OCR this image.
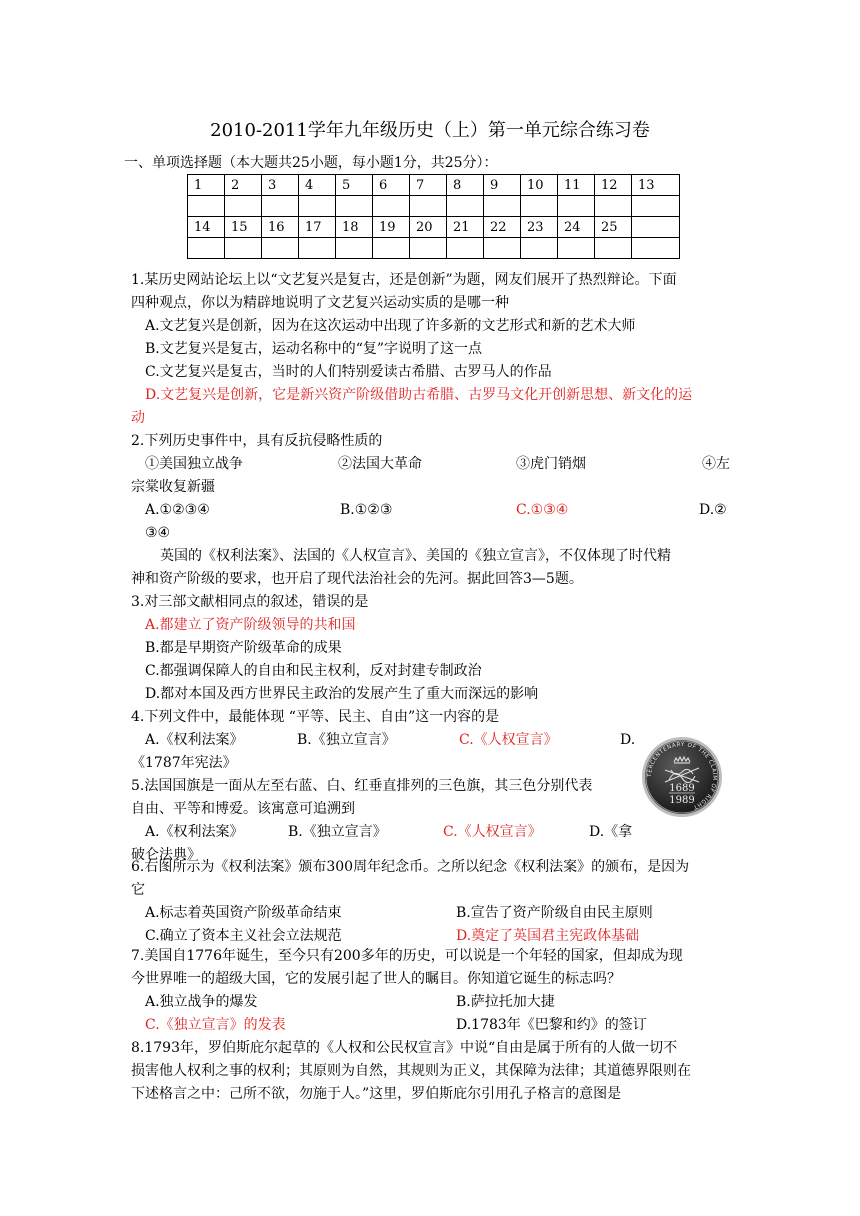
2010-2011学年九年级历史（上）第一单元综合练习卷
一、单项选择题（本大题共25小题，每小题1分，共25分）：
1	2	3	4	5	6	7	8	9	10	11	12	13

14	15	16	17	18	19	20	21	22	23	24	25	

1.某历史网站论坛上以“文艺复兴是复古，还是创新”为题，网友们展开了热烈辩论。下面
四种观点，你以为精辟地说明了文艺复兴运动实质的是哪一种
A.文艺复兴是创新，因为在这次运动中出现了许多新的文艺形式和新的艺术大师
B.文艺复兴是复古，运动名称中的“复”字说明了这一点
C.文艺复兴是复古，当时的人们特别爱读古希腊、古罗马人的作品
D.文艺复兴是创新，它是新兴资产阶级借助古希腊、古罗马文化开创新思想、新文化的运
动
2.下列历史事件中，具有反抗侵略性质的
①美国独立战争	②法国大革命	③虎门销烟	④左
宗棠收复新疆
A.①②③④	B.①②③	C.①③④	D.②
③④
英国的《权利法案》、法国的《人权宣言》、美国的《独立宣言》，不仅体现了时代精
神和资产阶级的要求，也开启了现代法治社会的先河。据此回答3—5题。
3.对三部文献相同点的叙述，错误的是
A.都建立了资产阶级领导的共和国
B.都是早期资产阶级革命的成果
C.都强调保障人的自由和民主权利，反对封建专制政治
D.都对本国及西方世界民主政治的发展产生了重大而深远的影响
4.下列文件中，最能体现 “平等、民主、自由”这一内容的是
A.《权利法案》	B.《独立宣言》	C.《人权宣言》	D.
《1787年宪法》
5.法国国旗是一面从左至右蓝、白、红垂直排列的三色旗，其三色分别代表
自由、平等和博爱。该寓意可追溯到
A.《权利法案》	B.《独立宣言》	C.《人权宣言》	D.《拿
破仑法典》
TERCENTENARY OF THE CLAIM OF RIGHT
1689
1989
6.右图所示为《权利法案》颁布300周年纪念币。之所以纪念《权利法案》的颁布，是因为
它
A.标志着英国资产阶级革命结束	B.宣告了资产阶级自由民主原则
C.确立了资本主义社会立法规范	D.奠定了英国君主宪政体基础
7.美国自1776年诞生，至今只有200多年的历史，可以说是一个年轻的国家，但却成为现
今世界唯一的超级大国，它的发展引起了世人的瞩目。你知道它诞生的标志吗？
A.独立战争的爆发	B.萨拉托加大捷
C.《独立宣言》的发表	D.1783年《巴黎和约》的签订
8.1793年，罗伯斯庇尔起草的《人权和公民权宣言》中说“自由是属于所有的人做一切不
损害他人权利之事的权利；其原则为自然，其规则为正义，其保障为法律；其道德界限则在
下述格言之中：己所不欲，勿施于人。”这里，罗伯斯庇尔引用孔子格言的意图是
